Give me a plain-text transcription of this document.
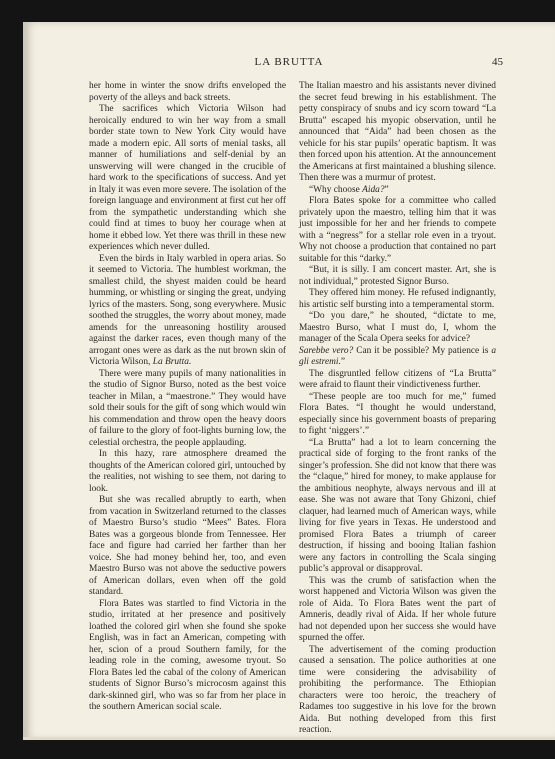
LA BRUTTA	45

her home in winter the snow drifts enveloped the poverty of the alleys and back streets.

The sacrifices which Victoria Wilson had heroically endured to win her way from a small border state town to New York City would have made a modern epic. All sorts of menial tasks, all manner of humiliations and self-denial by an unswerving will were changed in the crucible of hard work to the specifications of success. And yet in Italy it was even more severe. The isolation of the foreign language and environment at first cut her off from the sympathetic understanding which she could find at times to buoy her courage when at home it ebbed low. Yet there was thrill in these new experiences which never dulled.

Even the birds in Italy warbled in opera arias. So it seemed to Victoria. The humblest workman, the smallest child, the shyest maiden could be heard humming, or whistling or singing the great, undying lyrics of the masters. Song, song everywhere. Music soothed the struggles, the worry about money, made amends for the unreasoning hostility aroused against the darker races, even though many of the arrogant ones were as dark as the nut brown skin of Victoria Wilson, La Brutta.

There were many pupils of many nationalities in the studio of Signor Burso, noted as the best voice teacher in Milan, a “maestrone.” They would have sold their souls for the gift of song which would win his commendation and throw open the heavy doors of failure to the glory of foot-lights burning low, the celestial orchestra, the people applauding.

In this hazy, rare atmosphere dreamed the thoughts of the American colored girl, untouched by the realities, not wishing to see them, not daring to look.

But she was recalled abruptly to earth, when from vacation in Switzerland returned to the classes of Maestro Burso’s studio “Mees” Bates. Flora Bates was a gorgeous blonde from Tennessee. Her face and figure had carried her farther than her voice. She had money behind her, too, and even Maestro Burso was not above the seductive powers of American dollars, even when off the gold standard.

Flora Bates was startled to find Victoria in the studio, irritated at her presence and positively loathed the colored girl when she found she spoke English, was in fact an American, competing with her, scion of a proud Southern family, for the leading role in the coming, awesome tryout. So Flora Bates led the cabal of the colony of American students of Signor Burso’s microcosm against this dark-skinned girl, who was so far from her place in the southern American social scale.

The Italian maestro and his assistants never divined the secret feud brewing in his establishment. The petty conspiracy of snubs and icy scorn toward “La Brutta” escaped his myopic observation, until he announced that “Aida” had been chosen as the vehicle for his star pupils’ operatic baptism. It was then forced upon his attention. At the announcement the Americans at first maintained a blushing silence. Then there was a murmur of protest.

“Why choose Aida?”

Flora Bates spoke for a committee who called privately upon the maestro, telling him that it was just impossible for her and her friends to compete with a “negress” for a stellar role even in a tryout. Why not choose a production that contained no part suitable for this “darky.”

“But, it is silly. I am concert master. Art, she is not individual,” protested Signor Burso.

They offered him money. He refused indignantly, his artistic self bursting into a temperamental storm.

“Do you dare,” he shouted, “dictate to me, Maestro Burso, what I must do, I, whom the manager of the Scala Opera seeks for advice?
Sarebbe vero? Can it be possible? My patience is a gli estremi.”

The disgruntled fellow citizens of “La Brutta” were afraid to flaunt their vindictiveness further.

“These people are too much for me,” fumed Flora Bates. “I thought he would understand, especially since his government boasts of preparing to fight ‘niggers’.”

“La Brutta” had a lot to learn concerning the practical side of forging to the front ranks of the singer’s profession. She did not know that there was the “claque,” hired for money, to make applause for the ambitious neophyte, always nervous and ill at ease. She was not aware that Tony Ghizoni, chief claquer, had learned much of American ways, while living for five years in Texas. He understood and promised Flora Bates a triumph of career destruction, if hissing and booing Italian fashion were any factors in controlling the Scala singing public’s approval or disapproval.

This was the crumb of satisfaction when the worst happened and Victoria Wilson was given the role of Aida. To Flora Bates went the part of Amneris, deadly rival of Aida. If her whole future had not depended upon her success she would have spurned the offer.

The advertisement of the coming production caused a sensation. The police authorities at one time were considering the advisability of prohibiting the performance. The Ethiopian characters were too heroic, the treachery of Radames too suggestive in his love for the brown Aida. But nothing developed from this first reaction.
